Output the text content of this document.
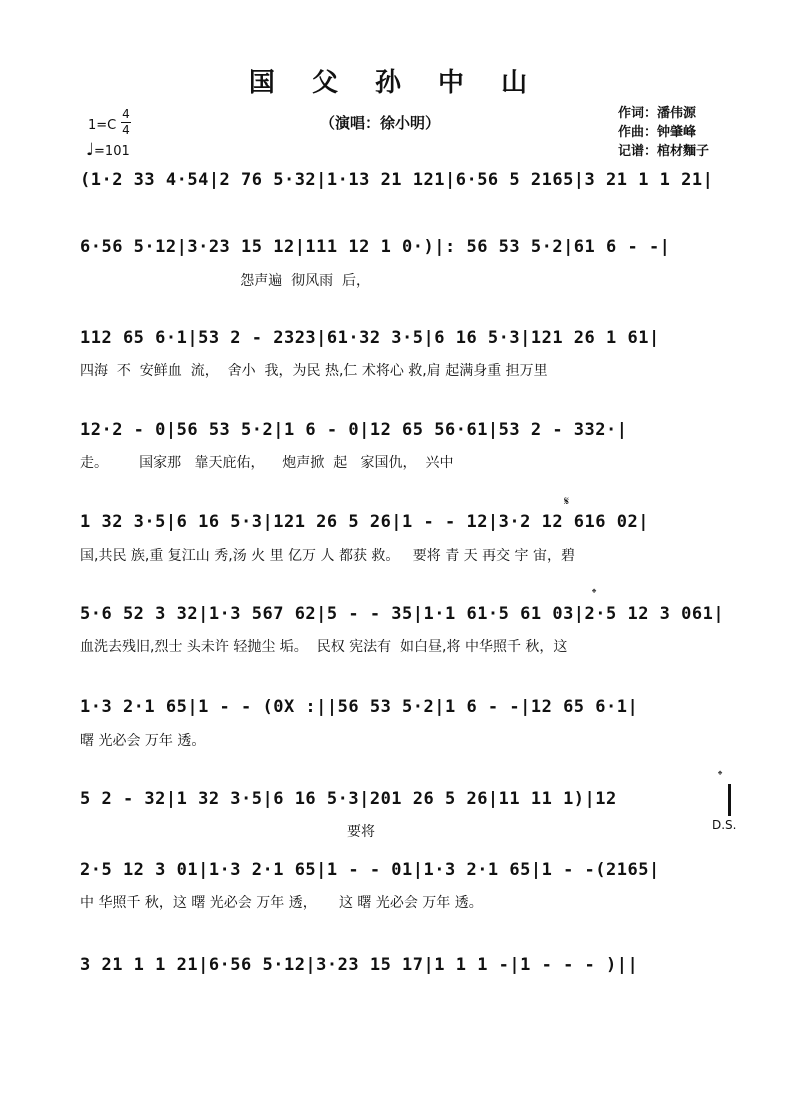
国 父 孙 中 山
（演唱：徐小明）
作词：潘伟源
作曲：钟肇峰
记谱：棺材麵子
1=C
4
4
♩=101
(1·2 33 4·54|2 76 5·32|1·13 21 121|6·56 5 2165|3 21 1 1 21|
6·56 5·12|3·23 15 12|111 12 1 0·)|: 56 53 5·2|61 6 - -|
怨声遍  彻风雨  后，
112 65 6·1|53 2 - 2323|61·32 3·5|6 16 5·3|121 26 1 61|
四海  不  安鲜血  流，  舍小  我，为民 热,仁 术将心 救,肩 起满身重 担万里
12·2 - 0|56 53 5·2|1 6 - 0|12 65 56·61|53 2 - 332·|
走。       国家那   靠天庇佑，    炮声掀  起   家国仇，  兴中
𝄋
1 32 3·5|6 16 5·3|121 26 5 26|1 - - 12|3·2 12 616 02|
国,共民 族,重 复江山 秀,汤 火 里 亿万 人 都获 救。   要将 青 天 再交 宇 宙，碧
𝄌
5·6 52 3 32|1·3 567 62|5 - - 35|1·1 61·5 61 03|2·5 12 3 061|
血洗去残旧,烈士 头未许 轻抛尘 垢。  民权 宪法有  如白昼,将 中华照千 秋，这
1·3 2·1 65|1 - - (0X :||56 53 5·2|1 6 - -|12 65 6·1|
曙 光必会 万年 透。
𝄌
5 2 - 32|1 32 3·5|6 16 5·3|201 26 5 26|11 11 1)|12
要将	D.S.
2·5 12 3 01|1·3 2·1 65|1 - - 01|1·3 2·1 65|1 - -(2165|
中 华照千 秋，这 曙 光必会 万年 透，     这 曙 光必会 万年 透。
3 21 1 1 21|6·56 5·12|3·23 15 17|1 1 1 -|1 - - - )||
